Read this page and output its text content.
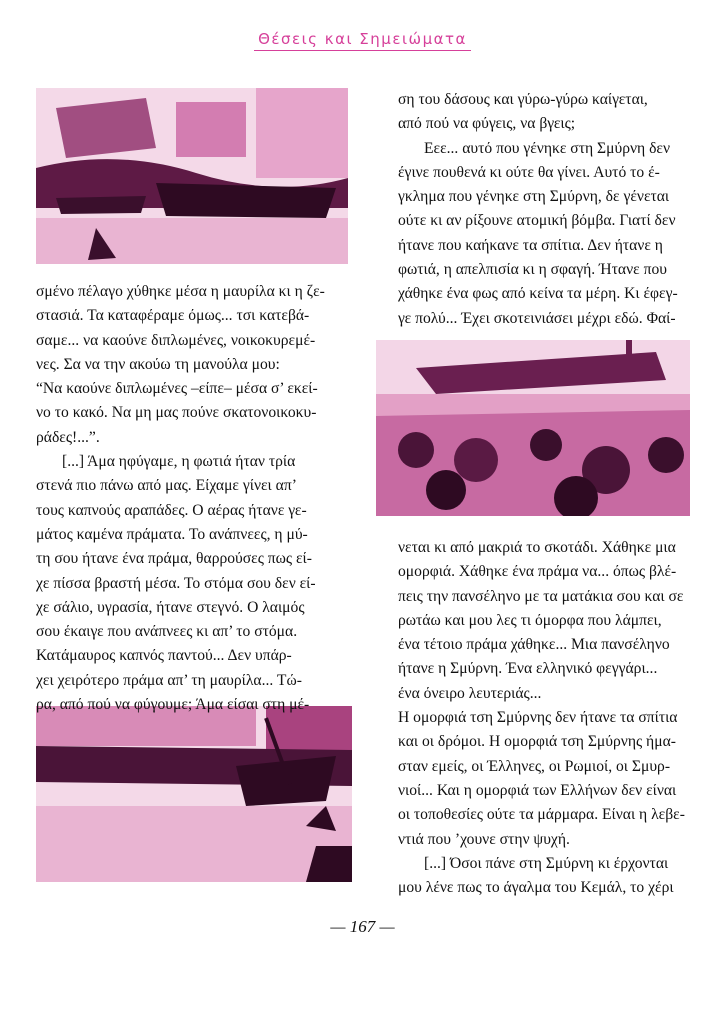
Θέσεις και Σημειώματα

σμένο πέλαγο χύθηκε μέσα η μαυρίλα κι η ζε-
στασιά. Τα καταφέραμε όμως... τσι κατεβά-
σαμε... να καούνε διπλωμένες, νοικοκυρεμέ-
νες. Σα να την ακούω τη μανούλα μου:
“Να καούνε διπλωμένες –είπε– μέσα σ’ εκεί-
νο το κακό. Να μη μας πούνε σκατονοικοκυ-
ράδες!...”.

[...] Άμα ηφύγαμε, η φωτιά ήταν τρία
στενά πιο πάνω από μας. Είχαμε γίνει απ’
τους καπνούς αραπάδες. Ο αέρας ήτανε γε-
μάτος καμένα πράματα. Το ανάπνεες, η μύ-
τη σου ήτανε ένα πράμα, θαρρούσες πως εί-
χε πίσσα βραστή μέσα. Το στόμα σου δεν εί-
χε σάλιο, υγρασία, ήτανε στεγνό. Ο λαιμός
σου έκαιγε που ανάπνεες κι απ’ το στόμα.
Κατάμαυρος καπνός παντού... Δεν υπάρ-
χει χειρότερο πράμα απ’ τη μαυρίλα... Τώ-
ρα, από πού να φύγουμε; Άμα είσαι στη μέ-

ση του δάσους και γύρω-γύρω καίγεται,
από πού να φύγεις, να βγεις;

Εεε... αυτό που γένηκε στη Σμύρνη δεν
έγινε πουθενά κι ούτε θα γίνει. Αυτό το έ-
γκλημα που γένηκε στη Σμύρνη, δε γένεται
ούτε κι αν ρίξουνε ατομική βόμβα. Γιατί δεν
ήτανε που καήκανε τα σπίτια. Δεν ήτανε η
φωτιά, η απελπισία κι η σφαγή. Ήτανε που
χάθηκε ένα φως από κείνα τα μέρη. Κι έφεγ-
γε πολύ... Έχει σκοτεινιάσει μέχρι εδώ. Φαί-

νεται κι από μακριά το σκοτάδι. Χάθηκε μια
ομορφιά. Χάθηκε ένα πράμα να... όπως βλέ-
πεις την πανσέληνο με τα ματάκια σου και σε
ρωτάω και μου λες τι όμορφα που λάμπει,
ένα τέτοιο πράμα χάθηκε... Μια πανσέληνο
ήτανε η Σμύρνη. Ένα ελληνικό φεγγάρι...
ένα όνειρο λευτεριάς...

Η ομορφιά τση Σμύρνης δεν ήτανε τα σπίτια
και οι δρόμοι. Η ομορφιά τση Σμύρνης ήμα-
σταν εμείς, οι Έλληνες, οι Ρωμιοί, οι Σμυρ-
νιοί... Και η ομορφιά των Ελλήνων δεν είναι
οι τοποθεσίες ούτε τα μάρμαρα. Είναι η λεβε-
ντιά που ’χουνε στην ψυχή.

[...] Όσοι πάνε στη Σμύρνη κι έρχονται
μου λένε πως το άγαλμα του Κεμάλ, το χέρι

— 167 —
